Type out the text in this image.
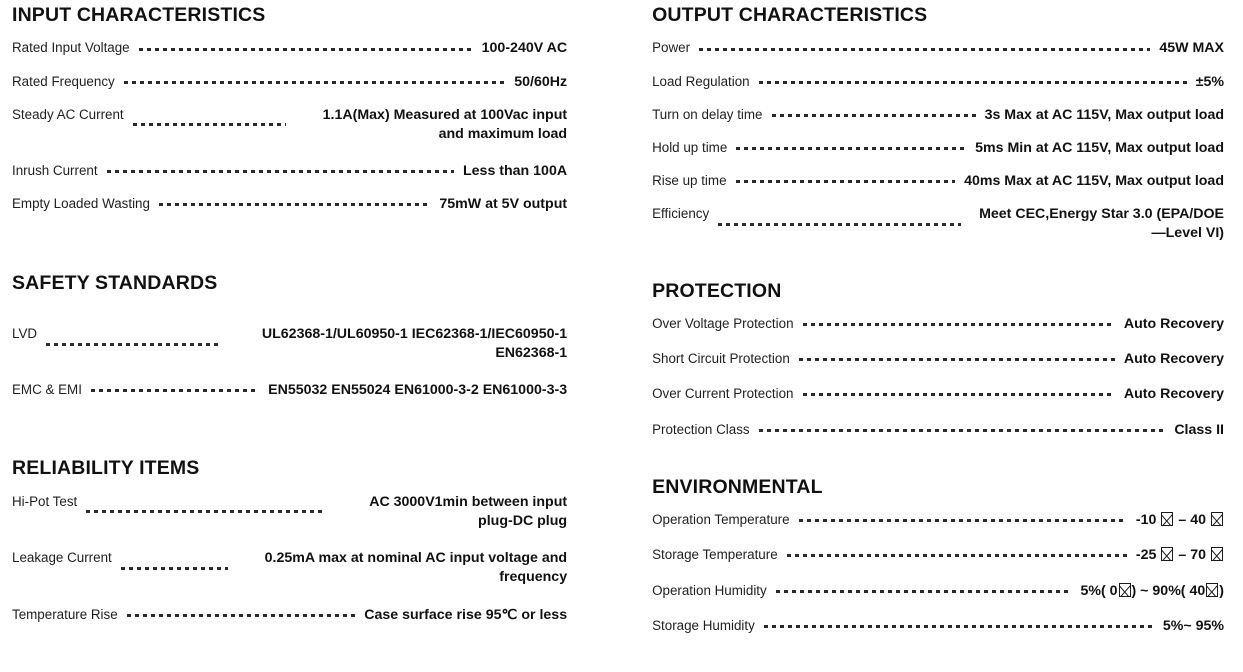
INPUT CHARACTERISTICS
Rated Input Voltage	100-240V AC
Rated Frequency	50/60Hz
Steady AC Current	1.1A(Max) Measured at 100Vac input and maximum load
Inrush Current	Less than 100A
Empty Loaded Wasting	75mW at 5V output
SAFETY STANDARDS
LVD	UL62368-1/UL60950-1 IEC62368-1/IEC60950-1 EN62368-1
EMC & EMI	EN55032 EN55024 EN61000-3-2 EN61000-3-3
RELIABILITY ITEMS
Hi-Pot Test	AC 3000V1min between input plug-DC plug
Leakage Current	0.25mA max at nominal AC input voltage and frequency
Temperature Rise	Case surface rise 95℃ or less
OUTPUT CHARACTERISTICS
Power	45W MAX
Load Regulation	±5%
Turn on delay time	3s Max at AC 115V, Max output load
Hold up time	5ms Min at AC 115V, Max output load
Rise up time	40ms Max at AC 115V, Max output load
Efficiency	Meet CEC,Energy Star 3.0 (EPA/DOE—Level VI)
PROTECTION
Over Voltage Protection	Auto Recovery
Short Circuit Protection	Auto Recovery
Over Current Protection	Auto Recovery
Protection Class	Class II
ENVIRONMENTAL
Operation Temperature	-10 – 40
Storage Temperature	-25 – 70
Operation Humidity	5%( 0 ) ~ 90%( 40 )
Storage Humidity	5%~ 95%
